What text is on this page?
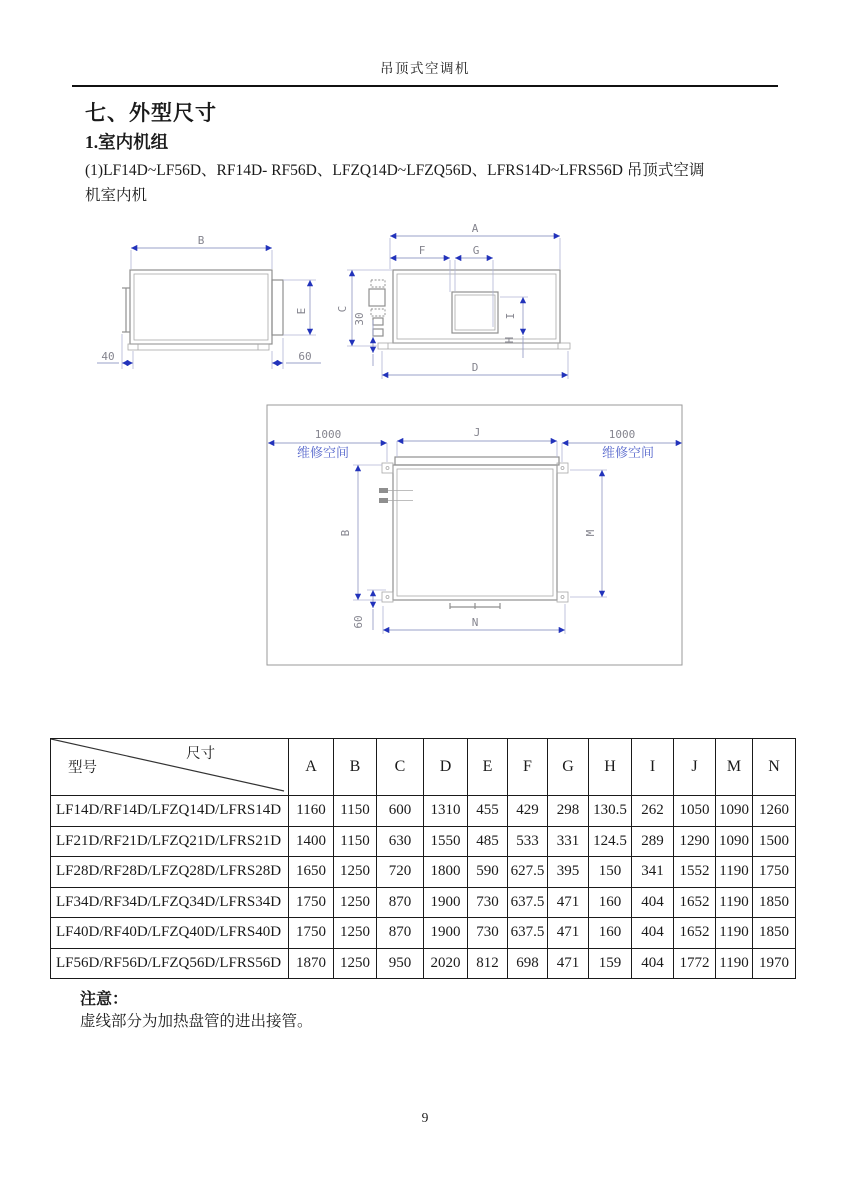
吊顶式空调机
七、外型尺寸
1.室内机组
(1)LF14D~LF56D、RF14D- RF56D、LFZQ14D~LFZQ56D、LFRS14D~LFRS56D 吊顶式空调
机室内机
B
E
40	60
A
F	G
C
30	I
H
D
1000
维修空间
1000
维修空间
J
B	M
60	N
尺寸
型号	A	B	C	D	E	F	G	H	I	J	M	N
LF14D/RF14D/LFZQ14D/LFRS14D	1160	1150	600	1310	455	429	298	130.5	262	1050	1090	1260
LF21D/RF21D/LFZQ21D/LFRS21D	1400	1150	630	1550	485	533	331	124.5	289	1290	1090	1500
LF28D/RF28D/LFZQ28D/LFRS28D	1650	1250	720	1800	590	627.5	395	150	341	1552	1190	1750
LF34D/RF34D/LFZQ34D/LFRS34D	1750	1250	870	1900	730	637.5	471	160	404	1652	1190	1850
LF40D/RF40D/LFZQ40D/LFRS40D	1750	1250	870	1900	730	637.5	471	160	404	1652	1190	1850
LF56D/RF56D/LFZQ56D/LFRS56D	1870	1250	950	2020	812	698	471	159	404	1772	1190	1970
注意：
虚线部分为加热盘管的进出接管。
9
